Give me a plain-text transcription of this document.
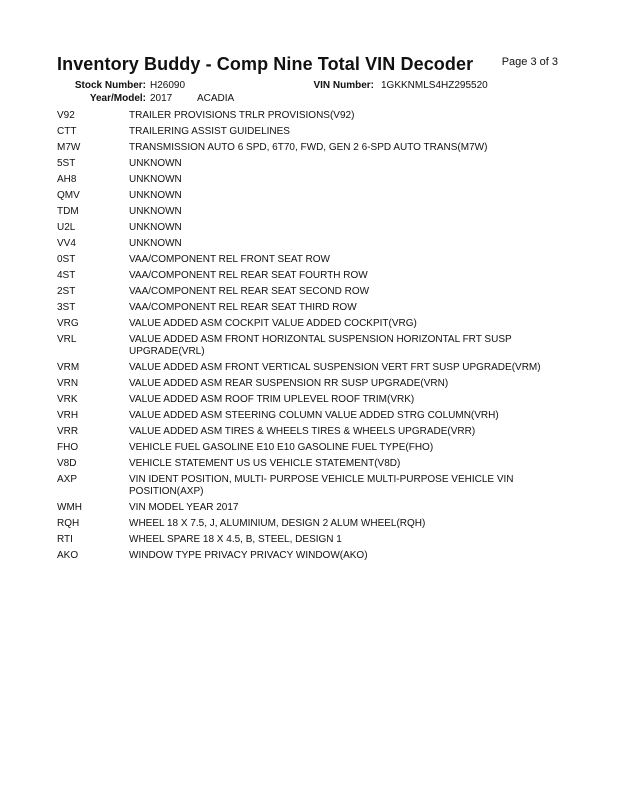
Inventory Buddy - Comp Nine Total VIN Decoder	Page 3 of 3
Stock Number: H26090	VIN Number: 1GKKNMLS4HZ295520
Year/Model: 2017 ACADIA
V92	TRAILER PROVISIONS TRLR PROVISIONS(V92)
CTT	TRAILERING ASSIST GUIDELINES
M7W	TRANSMISSION AUTO 6 SPD, 6T70, FWD, GEN 2 6-SPD AUTO TRANS(M7W)
5ST	UNKNOWN
AH8	UNKNOWN
QMV	UNKNOWN
TDM	UNKNOWN
U2L	UNKNOWN
VV4	UNKNOWN
0ST	VAA/COMPONENT REL FRONT SEAT ROW
4ST	VAA/COMPONENT REL REAR SEAT FOURTH ROW
2ST	VAA/COMPONENT REL REAR SEAT SECOND ROW
3ST	VAA/COMPONENT REL REAR SEAT THIRD ROW
VRG	VALUE ADDED ASM COCKPIT VALUE ADDED COCKPIT(VRG)
VRL	VALUE ADDED ASM FRONT HORIZONTAL SUSPENSION HORIZONTAL FRT SUSP UPGRADE(VRL)
VRM	VALUE ADDED ASM FRONT VERTICAL SUSPENSION VERT FRT SUSP UPGRADE(VRM)
VRN	VALUE ADDED ASM REAR SUSPENSION RR SUSP UPGRADE(VRN)
VRK	VALUE ADDED ASM ROOF TRIM UPLEVEL ROOF TRIM(VRK)
VRH	VALUE ADDED ASM STEERING COLUMN VALUE ADDED STRG COLUMN(VRH)
VRR	VALUE ADDED ASM TIRES & WHEELS TIRES & WHEELS UPGRADE(VRR)
FHO	VEHICLE FUEL GASOLINE E10 E10 GASOLINE FUEL TYPE(FHO)
V8D	VEHICLE STATEMENT US US VEHICLE STATEMENT(V8D)
AXP	VIN IDENT POSITION, MULTI- PURPOSE VEHICLE MULTI-PURPOSE VEHICLE VIN POSITION(AXP)
WMH	VIN MODEL YEAR 2017
RQH	WHEEL 18 X 7.5, J, ALUMINIUM, DESIGN 2 ALUM WHEEL(RQH)
RTI	WHEEL SPARE 18 X 4.5, B, STEEL, DESIGN 1
AKO	WINDOW TYPE PRIVACY PRIVACY WINDOW(AKO)
